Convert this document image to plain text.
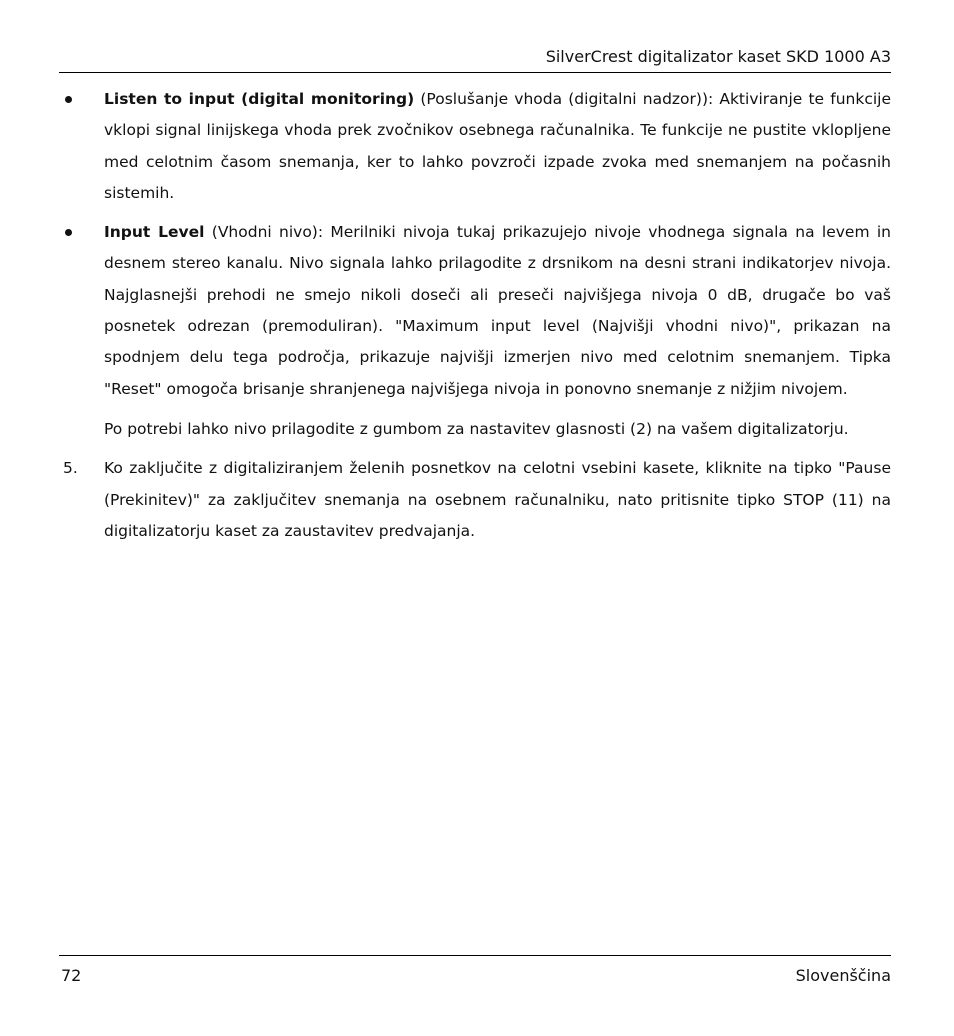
SilverCrest digitalizator kaset SKD 1000 A3

Listen to input (digital monitoring) (Poslušanje vhoda (digitalni nadzor)): Aktiviranje te funkcije vklopi signal linijskega vhoda prek zvočnikov osebnega računalnika. Te funkcije ne pustite vklopljene med celotnim časom snemanja, ker to lahko povzroči izpade zvoka med snemanjem na počasnih sistemih.

Input Level (Vhodni nivo): Merilniki nivoja tukaj prikazujejo nivoje vhodnega signala na levem in desnem stereo kanalu. Nivo signala lahko prilagodite z drsnikom na desni strani indikatorjev nivoja. Najglasnejši prehodi ne smejo nikoli doseči ali preseči najvišjega nivoja 0 dB, drugače bo vaš posnetek odrezan (premoduliran). "Maximum input level (Najvišji vhodni nivo)", prikazan na spodnjem delu tega področja, prikazuje najvišji izmerjen nivo med celotnim snemanjem. Tipka "Reset" omogoča brisanje shranjenega najvišjega nivoja in ponovno snemanje z nižjim nivojem.

Po potrebi lahko nivo prilagodite z gumbom za nastavitev glasnosti (2) na vašem digitalizatorju.

5. Ko zaključite z digitaliziranjem želenih posnetkov na celotni vsebini kasete, kliknite na tipko "Pause (Prekinitev)" za zaključitev snemanja na osebnem računalniku, nato pritisnite tipko STOP (11) na digitalizatorju kaset za zaustavitev predvajanja.

72	Slovenščina
